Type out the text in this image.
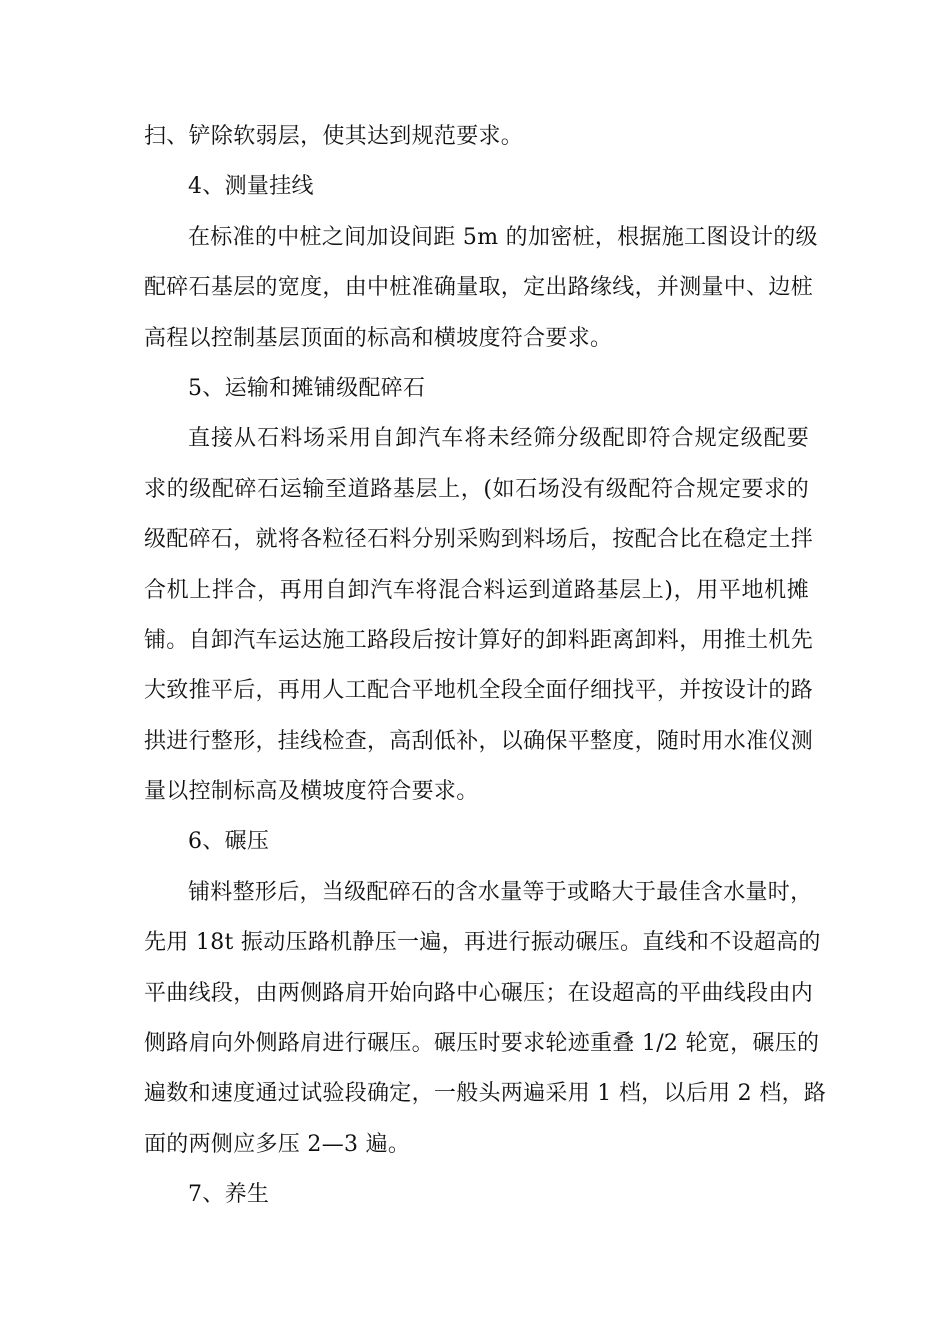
扫、铲除软弱层，使其达到规范要求。
4、测量挂线
在标准的中桩之间加设间距 5m 的加密桩，根据施工图设计的级
配碎石基层的宽度，由中桩准确量取，定出路缘线，并测量中、边桩
高程以控制基层顶面的标高和横坡度符合要求。
5、运输和摊铺级配碎石
直接从石料场采用自卸汽车将未经筛分级配即符合规定级配要
求的级配碎石运输至道路基层上，(如石场没有级配符合规定要求的
级配碎石，就将各粒径石料分别采购到料场后，按配合比在稳定土拌
合机上拌合，再用自卸汽车将混合料运到道路基层上)，用平地机摊
铺。自卸汽车运达施工路段后按计算好的卸料距离卸料，用推土机先
大致推平后，再用人工配合平地机全段全面仔细找平，并按设计的路
拱进行整形，挂线检查，高刮低补，以确保平整度，随时用水准仪测
量以控制标高及横坡度符合要求。
6、碾压
铺料整形后，当级配碎石的含水量等于或略大于最佳含水量时，
先用 18t 振动压路机静压一遍，再进行振动碾压。直线和不设超高的
平曲线段，由两侧路肩开始向路中心碾压；在设超高的平曲线段由内
侧路肩向外侧路肩进行碾压。碾压时要求轮迹重叠 1/2 轮宽，碾压的
遍数和速度通过试验段确定，一般头两遍采用 1 档，以后用 2 档，路
面的两侧应多压 2—3 遍。
7、养生
